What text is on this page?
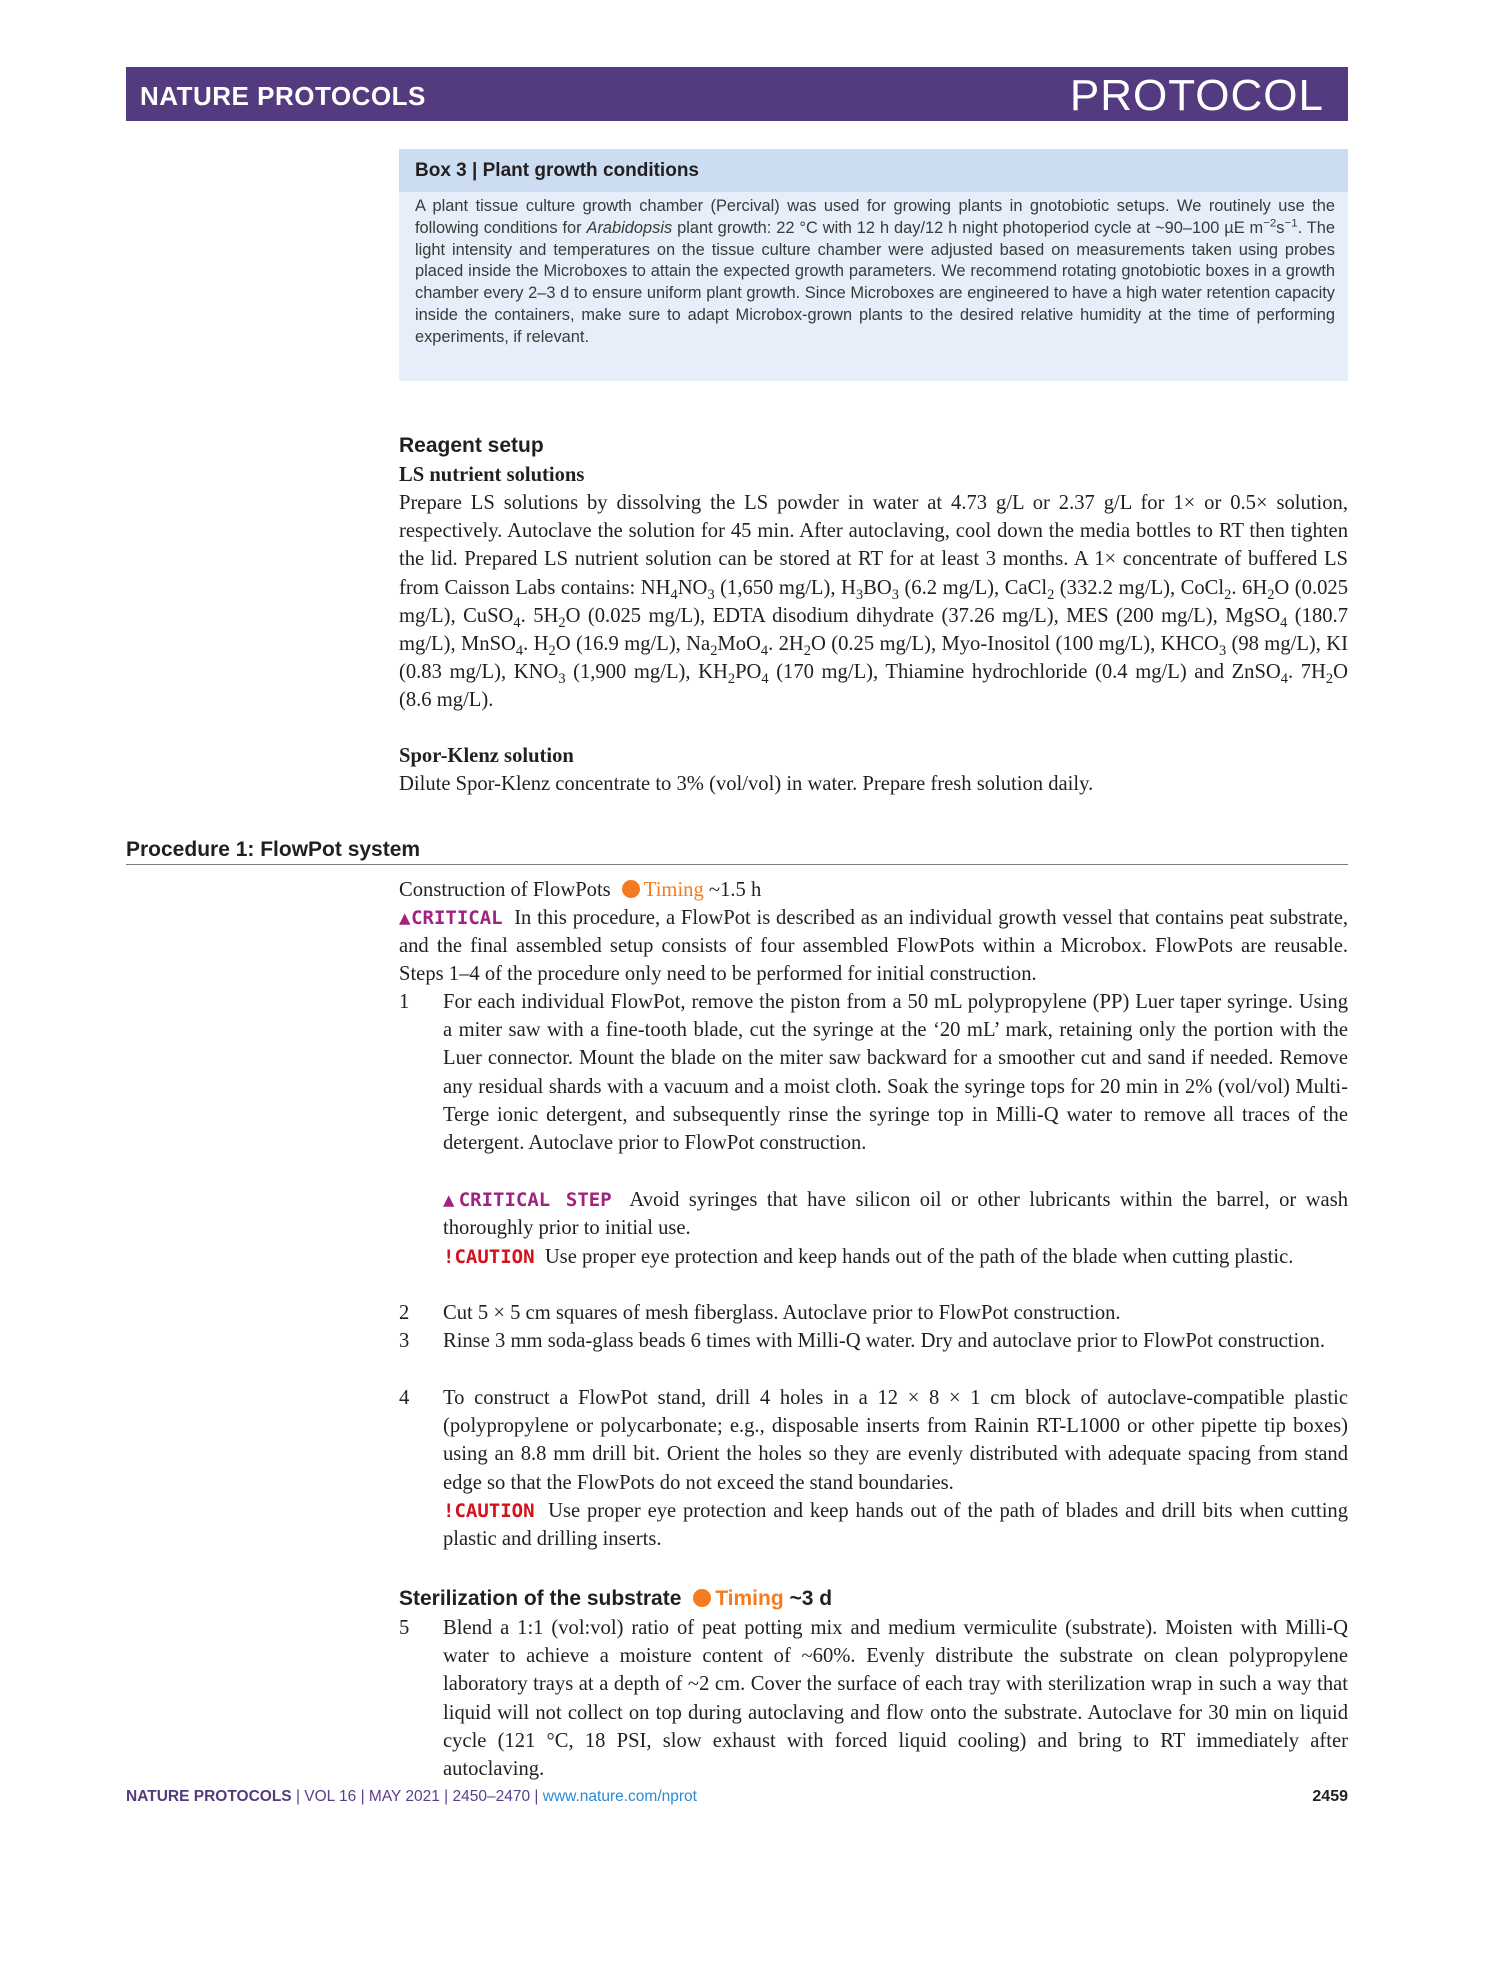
NATURE PROTOCOLS	PROTOCOL
Box 3 | Plant growth conditions
A plant tissue culture growth chamber (Percival) was used for growing plants in gnotobiotic setups. We routinely use the following conditions for Arabidopsis plant growth: 22 °C with 12 h day/12 h night photoperiod cycle at ~90–100 µE $m^{-2}s^{-1}$. The light intensity and temperatures on the tissue culture chamber were adjusted based on measurements taken using probes placed inside the Microboxes to attain the expected growth parameters. We recommend rotating gnotobiotic boxes in a growth chamber every 2–3 d to ensure uniform plant growth. Since Microboxes are engineered to have a high water retention capacity inside the containers, make sure to adapt Microbox-grown plants to the desired relative humidity at the time of performing experiments, if relevant.
Reagent setup
LS nutrient solutions
Prepare LS solutions by dissolving the LS powder in water at 4.73 g/L or 2.37 g/L for 1× or 0.5× solution, respectively. Autoclave the solution for 45 min. After autoclaving, cool down the media bottles to RT then tighten the lid. Prepared LS nutrient solution can be stored at RT for at least 3 months. A 1× concentrate of buffered LS from Caisson Labs contains: $NH_4NO_3$ (1,650 mg/L), $H_3BO_3$ (6.2 mg/L), CaCl$_2$ (332.2 mg/L), CoCl$_2$. $6H_2O$ (0.025 mg/L), CuSO$_4$. $5H_2O$ (0.025 mg/L), EDTA disodium dihydrate (37.26 mg/L), MES (200 mg/L), MgSO$_4$ (180.7 mg/L), MnSO$_4$. $H_2O$ (16.9 mg/L), $Na_2MoO_4$. $2H_2O$ (0.25 mg/L), Myo-Inositol (100 mg/L), $KHCO_3$ (98 mg/L), KI (0.83 mg/L), $KNO_3$ (1,900 mg/L), $KH_2PO_4$ (170 mg/L), Thiamine hydrochloride (0.4 mg/L) and ZnSO$_4$. $7H_2O$ (8.6 mg/L).
Spor-Klenz solution
Dilute Spor-Klenz concentrate to 3% (vol/vol) in water. Prepare fresh solution daily.
Procedure 1: FlowPot system
Construction of FlowPots Timing ~1.5 h
▲CRITICAL In this procedure, a FlowPot is described as an individual growth vessel that contains peat substrate, and the final assembled setup consists of four assembled FlowPots within a Microbox. FlowPots are reusable. Steps 1–4 of the procedure only need to be performed for initial construction.
1 For each individual FlowPot, remove the piston from a 50 mL polypropylene (PP) Luer taper syringe. Using a miter saw with a fine-tooth blade, cut the syringe at the ‘20 mL’ mark, retaining only the portion with the Luer connector. Mount the blade on the miter saw backward for a smoother cut and sand if needed. Remove any residual shards with a vacuum and a moist cloth. Soak the syringe tops for 20 min in 2% (vol/vol) Multi-Terge ionic detergent, and subsequently rinse the syringe top in Milli-Q water to remove all traces of the detergent. Autoclave prior to FlowPot construction.
▲CRITICAL STEP Avoid syringes that have silicon oil or other lubricants within the barrel, or wash thoroughly prior to initial use.
!CAUTION Use proper eye protection and keep hands out of the path of the blade when cutting plastic.
2 Cut 5 × 5 cm squares of mesh fiberglass. Autoclave prior to FlowPot construction.
3 Rinse 3 mm soda-glass beads 6 times with Milli-Q water. Dry and autoclave prior to FlowPot construction.
4 To construct a FlowPot stand, drill 4 holes in a 12 × 8 × 1 cm block of autoclave-compatible plastic (polypropylene or polycarbonate; e.g., disposable inserts from Rainin RT-L1000 or other pipette tip boxes) using an 8.8 mm drill bit. Orient the holes so they are evenly distributed with adequate spacing from stand edge so that the FlowPots do not exceed the stand boundaries.
!CAUTION Use proper eye protection and keep hands out of the path of blades and drill bits when cutting plastic and drilling inserts.
Sterilization of the substrate Timing ~3 d
5 Blend a 1:1 (vol:vol) ratio of peat potting mix and medium vermiculite (substrate). Moisten with Milli-Q water to achieve a moisture content of ~60%. Evenly distribute the substrate on clean polypropylene laboratory trays at a depth of ~2 cm. Cover the surface of each tray with sterilization wrap in such a way that liquid will not collect on top during autoclaving and flow onto the substrate. Autoclave for 30 min on liquid cycle (121 °C, 18 PSI, slow exhaust with forced liquid cooling) and bring to RT immediately after autoclaving.
NATURE PROTOCOLS | VOL 16 | MAY 2021 | 2450–2470 | www.nature.com/nprot	2459
